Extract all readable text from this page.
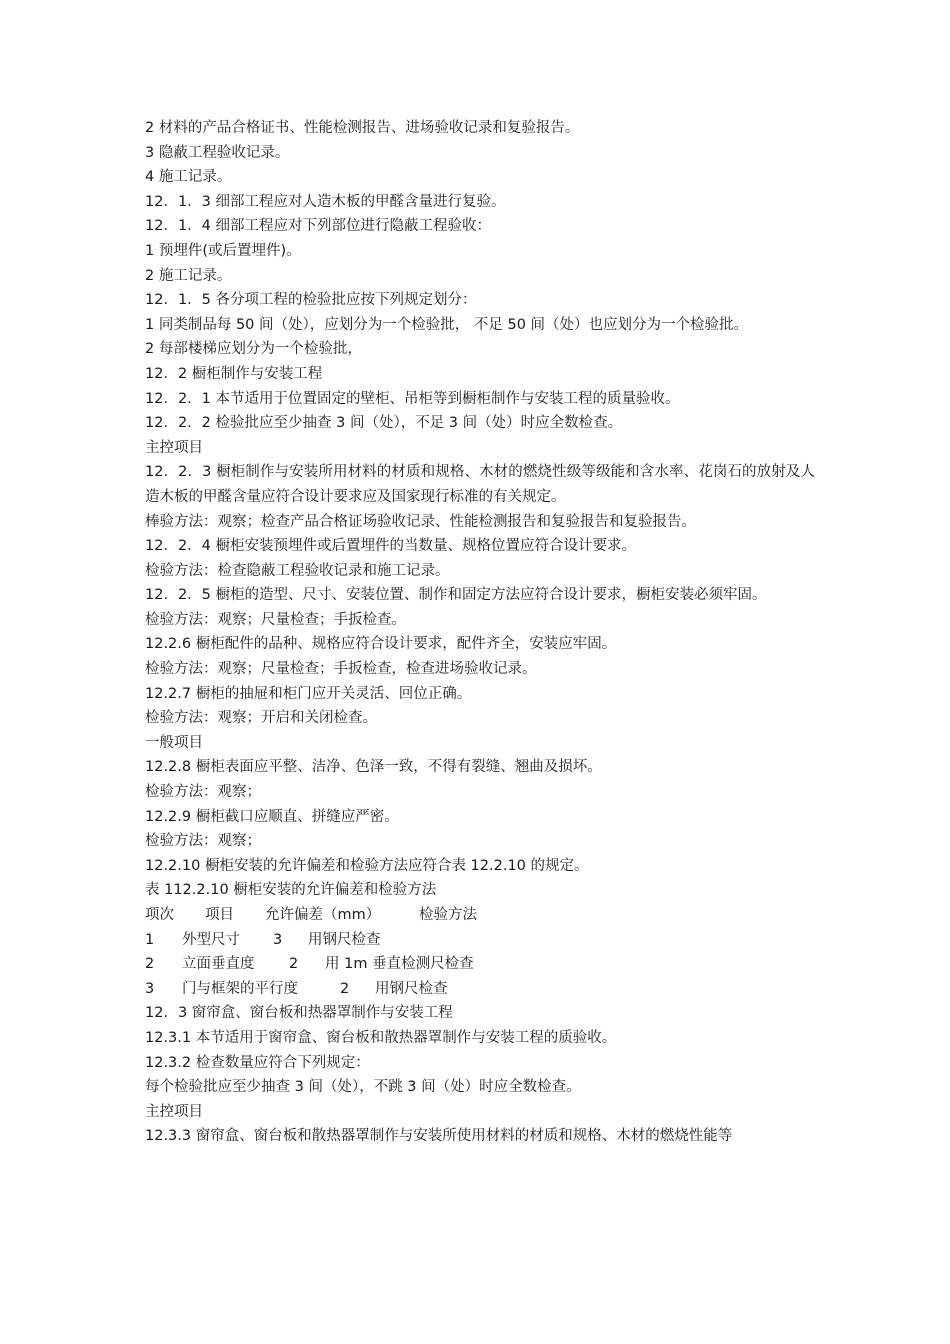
2 材料的产品合格证书、性能检测报告、进场验收记录和复验报告。
3 隐蔽工程验收记录。
4 施工记录。
12．1．3 细部工程应对人造木板的甲醛含量进行复验。
12．1．4 细部工程应对下列部位进行隐蔽工程验收：
1 预埋件(或后置埋件)。
2 施工记录。
12．1．5 各分项工程的检验批应按下列规定划分：
1 同类制品每 50 间（处），应划分为一个检验批， 不足 50 间（处）也应划分为一个检验批。
2 每部楼梯应划分为一个检验批，
12．2 橱柜制作与安装工程
12．2．1 本节适用于位置固定的壁柜、吊柜等到橱柜制作与安装工程的质量验收。
12．2．2 检验批应至少抽查 3 间（处），不足 3 间（处）时应全数检查。
主控项目
12．2．3 橱柜制作与安装所用材料的材质和规格、木材的燃烧性级等级能和含水率、花岗石的放射及人造木板的甲醛含量应符合设计要求应及国家现行标准的有关规定。
棒验方法：观察；检查产品合格证场验收记录、性能检测报告和复验报告和复验报告。
12．2．4 橱柜安装预埋件或后置埋件的当数量、规格位置应符合设计要求。
检验方法：检查隐蔽工程验收记录和施工记录。
12．2．5 橱柜的造型、尺寸、安装位置、制作和固定方法应符合设计要求，橱柜安装必须牢固。
检验方法：观察；尺量检查；手扳检查。
12.2.6 橱柜配件的品种、规格应符合设计要求，配件齐全，安装应牢固。
检验方法：观察；尺量检查；手扳检查，检查进场验收记录。
12.2.7 橱柜的抽屉和柜门应开关灵活、回位正确。
检验方法：观察；开启和关闭检查。
一般项目
12.2.8 橱柜表面应平整、洁净、色泽一致，不得有裂缝、翘曲及损坏。
检验方法：观察；
12.2.9 橱柜截口应顺直、拼缝应严密。
检验方法：观察；
12.2.10 橱柜安装的允许偏差和检验方法应符合表 12.2.10 的规定。
表 112.2.10 橱柜安装的允许偏差和检验方法
项次	项目	允许偏差（mm）	检验方法
1	外型尺寸	3	用钢尺检查
2	立面垂直度	2	用 1m 垂直检测尺检查
3	门与框架的平行度	2	用钢尺检查
12．3 窗帘盒、窗台板和热器罩制作与安装工程
12.3.1 本节适用于窗帘盒、窗台板和散热器罩制作与安装工程的质验收。
12.3.2 检查数量应符合下列规定：
每个检验批应至少抽查 3 间（处），不跳 3 间（处）时应全数检查。
主控项目
12.3.3 窗帘盒、窗台板和散热器罩制作与安装所使用材料的材质和规格、木材的燃烧性能等
